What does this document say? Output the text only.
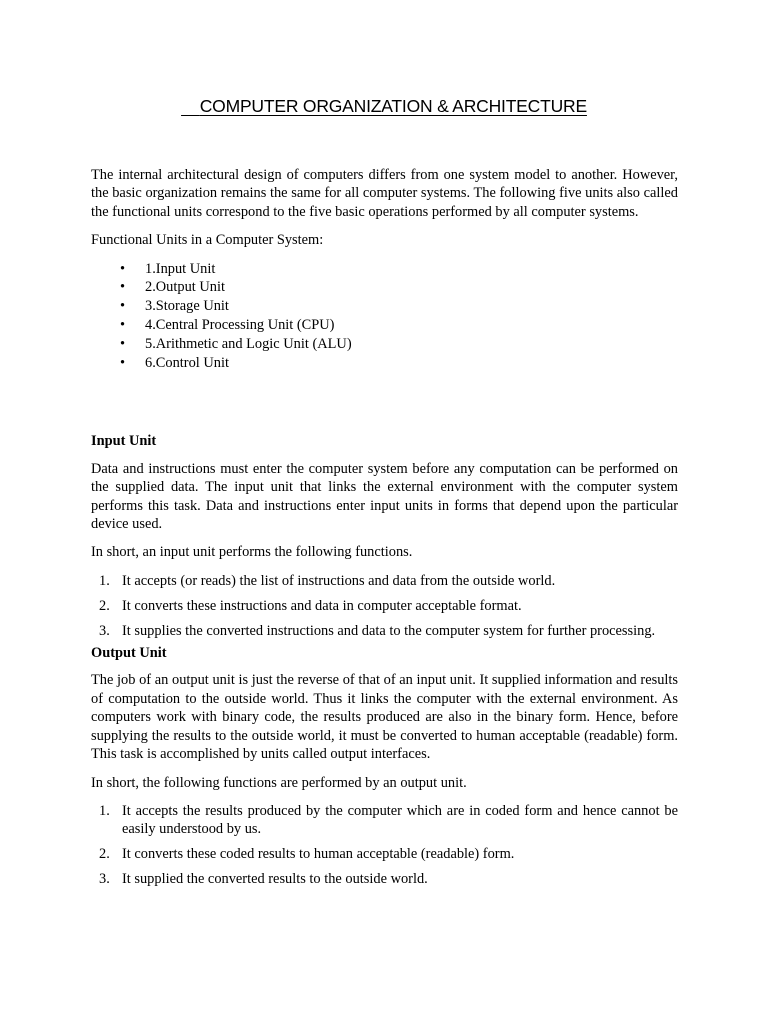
COMPUTER ORGANIZATION & ARCHITECTURE

The internal architectural design of computers differs from one system model to another. However, the basic organization remains the same for all computer systems. The following five units also called the functional units correspond to the five basic operations performed by all computer systems.

Functional Units in a Computer System:

• 1.Input Unit
• 2.Output Unit
• 3.Storage Unit
• 4.Central Processing Unit (CPU)
• 5.Arithmetic and Logic Unit (ALU)
• 6.Control Unit

Input Unit

Data and instructions must enter the computer system before any computation can be performed on the supplied data. The input unit that links the external environment with the computer system performs this task. Data and instructions enter input units in forms that depend upon the particular device used.

In short, an input unit performs the following functions.

1. It accepts (or reads) the list of instructions and data from the outside world.
2. It converts these instructions and data in computer acceptable format.
3. It supplies the converted instructions and data to the computer system for further processing.

Output Unit

The job of an output unit is just the reverse of that of an input unit. It supplied information and results of computation to the outside world. Thus it links the computer with the external environment. As computers work with binary code, the results produced are also in the binary form. Hence, before supplying the results to the outside world, it must be converted to human acceptable (readable) form. This task is accomplished by units called output interfaces.

In short, the following functions are performed by an output unit.

1. It accepts the results produced by the computer which are in coded form and hence cannot be easily understood by us.
2. It converts these coded results to human acceptable (readable) form.
3. It supplied the converted results to the outside world.
